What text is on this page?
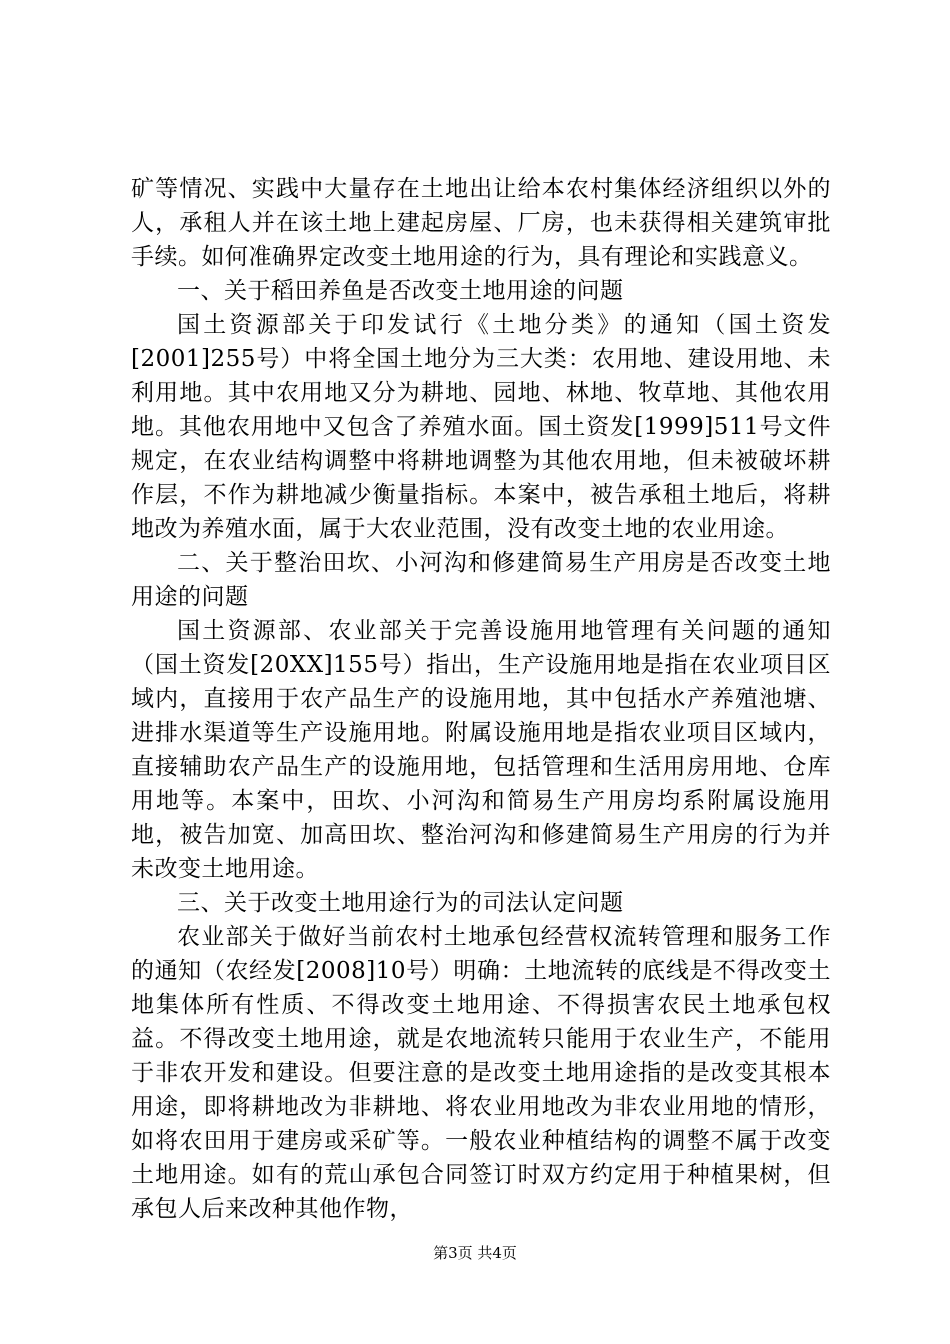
矿等情况、实践中大量存在土地出让给本农村集体经济组织以外的人，承租人并在该土地上建起房屋、厂房，也未获得相关建筑审批手续。如何准确界定改变土地用途的行为，具有理论和实践意义。

一、关于稻田养鱼是否改变土地用途的问题

国土资源部关于印发试行《土地分类》的通知（国土资发[2001]255号）中将全国土地分为三大类：农用地、建设用地、未利用地。其中农用地又分为耕地、园地、林地、牧草地、其他农用地。其他农用地中又包含了养殖水面。国土资发[1999]511号文件规定，在农业结构调整中将耕地调整为其他农用地，但未被破坏耕作层，不作为耕地减少衡量指标。本案中，被告承租土地后，将耕地改为养殖水面，属于大农业范围，没有改变土地的农业用途。

二、关于整治田坎、小河沟和修建简易生产用房是否改变土地用途的问题

国土资源部、农业部关于完善设施用地管理有关问题的通知（国土资发[20XX]155号）指出，生产设施用地是指在农业项目区域内，直接用于农产品生产的设施用地，其中包括水产养殖池塘、进排水渠道等生产设施用地。附属设施用地是指农业项目区域内，直接辅助农产品生产的设施用地，包括管理和生活用房用地、仓库用地等。本案中，田坎、小河沟和简易生产用房均系附属设施用地，被告加宽、加高田坎、整治河沟和修建简易生产用房的行为并未改变土地用途。

三、关于改变土地用途行为的司法认定问题

农业部关于做好当前农村土地承包经营权流转管理和服务工作的通知（农经发[2008]10号）明确：土地流转的底线是不得改变土地集体所有性质、不得改变土地用途、不得损害农民土地承包权益。不得改变土地用途，就是农地流转只能用于农业生产，不能用于非农开发和建设。但要注意的是改变土地用途指的是改变其根本用途，即将耕地改为非耕地、将农业用地改为非农业用地的情形，如将农田用于建房或采矿等。一般农业种植结构的调整不属于改变土地用途。如有的荒山承包合同签订时双方约定用于种植果树，但承包人后来改种其他作物，

第3页 共4页
